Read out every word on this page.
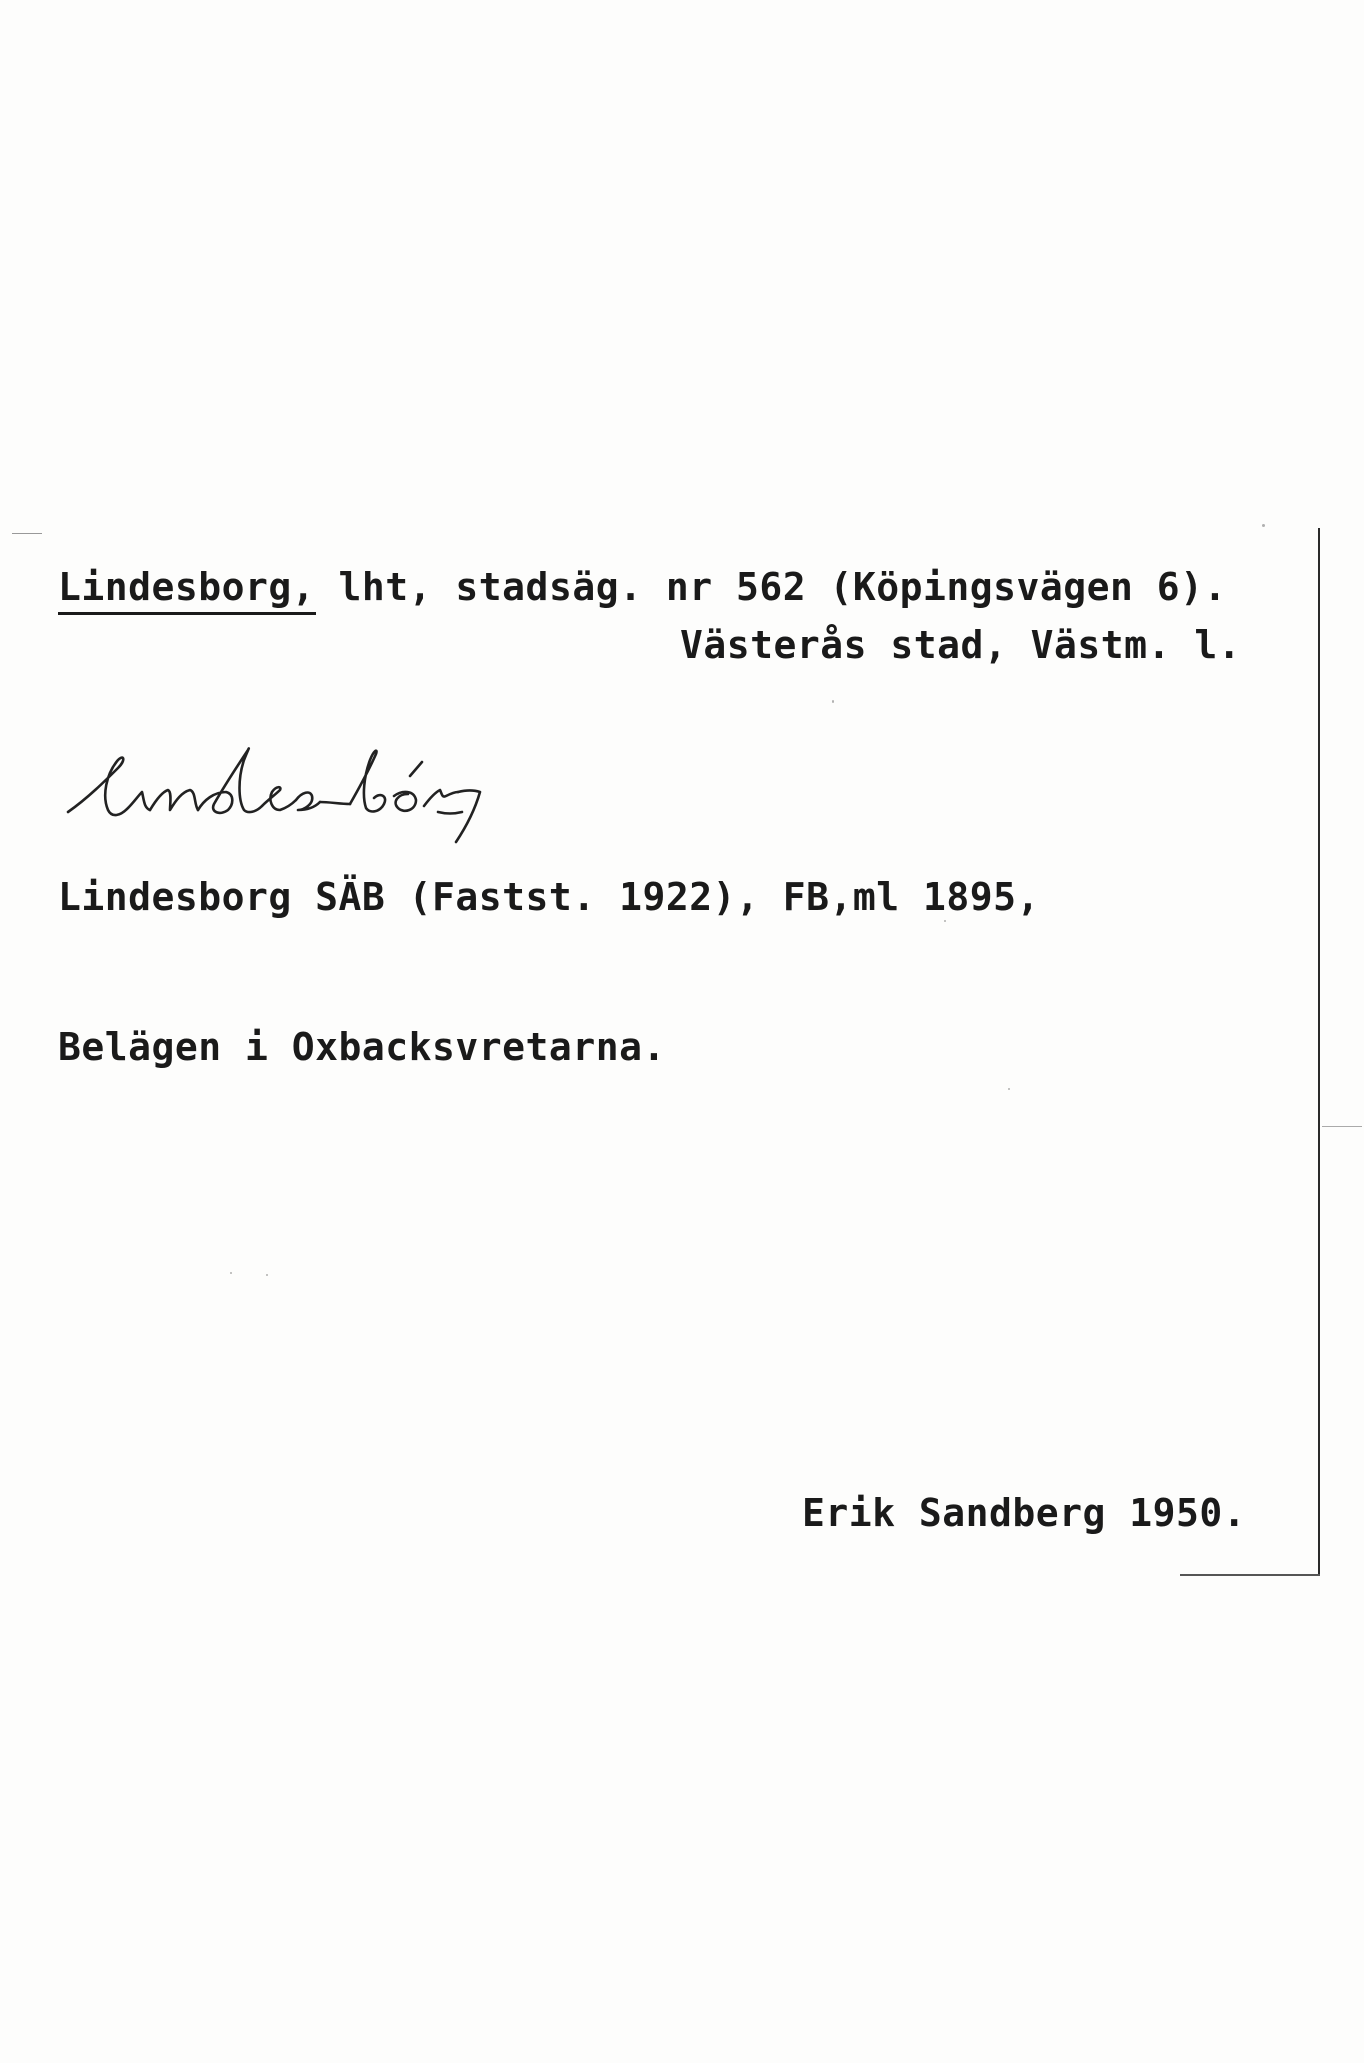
Lindesborg, lht, stadsäg. nr 562 (Köpingsvägen 6).
Västerås stad, Västm. l.
Lindesborg SÄB (Fastst. 1922), FB,ml 1895,
Belägen i Oxbacksvretarna.
Erik Sandberg 1950.
